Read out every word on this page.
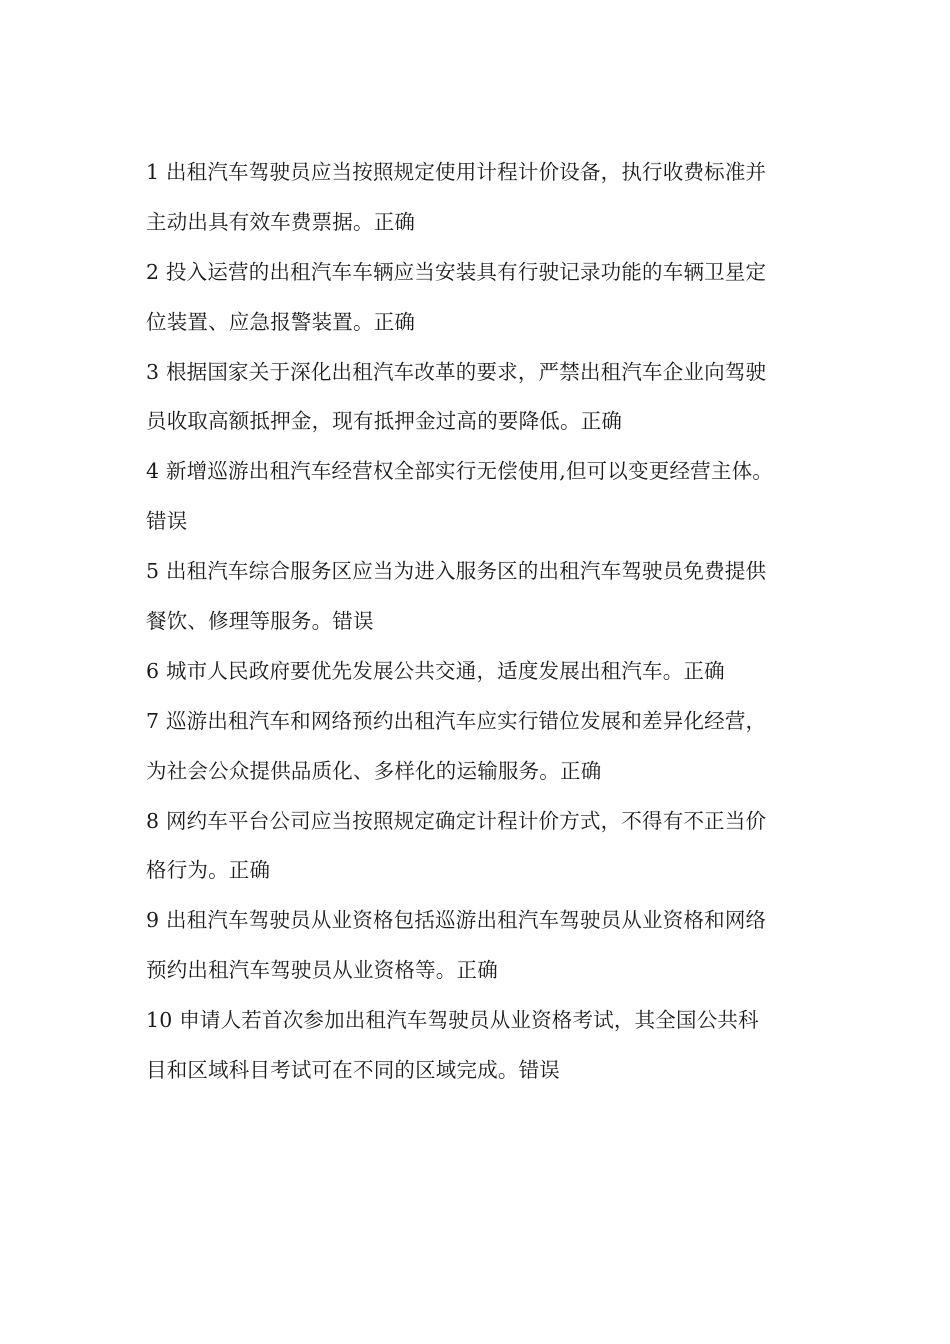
1 出租汽车驾驶员应当按照规定使用计程计价设备，执行收费标准并
主动出具有效车费票据。正确
2 投入运营的出租汽车车辆应当安装具有行驶记录功能的车辆卫星定
位装置、应急报警装置。正确
3 根据国家关于深化出租汽车改革的要求，严禁出租汽车企业向驾驶
员收取高额抵押金，现有抵押金过高的要降低。正确
4 新增巡游出租汽车经营权全部实行无偿使用,但可以变更经营主体。
错误
5 出租汽车综合服务区应当为进入服务区的出租汽车驾驶员免费提供
餐饮、修理等服务。错误
6 城市人民政府要优先发展公共交通，适度发展出租汽车。正确
7 巡游出租汽车和网络预约出租汽车应实行错位发展和差异化经营，
为社会公众提供品质化、多样化的运输服务。正确
8 网约车平台公司应当按照规定确定计程计价方式，不得有不正当价
格行为。正确
9 出租汽车驾驶员从业资格包括巡游出租汽车驾驶员从业资格和网络
预约出租汽车驾驶员从业资格等。正确
10 申请人若首次参加出租汽车驾驶员从业资格考试，其全国公共科
目和区域科目考试可在不同的区域完成。错误
